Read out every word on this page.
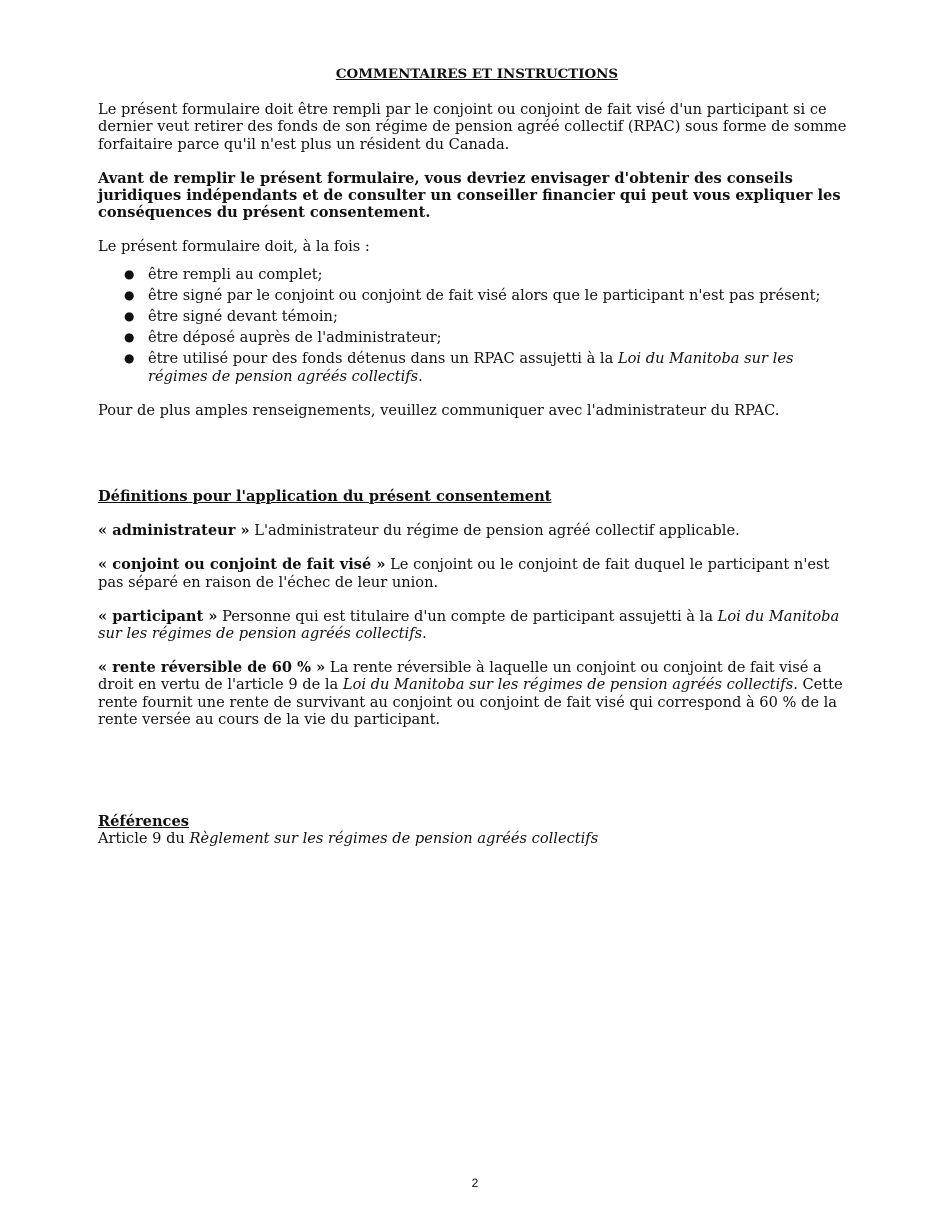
COMMENTAIRES ET INSTRUCTIONS

Le présent formulaire doit être rempli par le conjoint ou conjoint de fait visé d'un participant si ce dernier veut retirer des fonds de son régime de pension agréé collectif (RPAC) sous forme de somme forfaitaire parce qu'il n'est plus un résident du Canada.

Avant de remplir le présent formulaire, vous devriez envisager d'obtenir des conseils juridiques indépendants et de consulter un conseiller financier qui peut vous expliquer les conséquences du présent consentement.

Le présent formulaire doit, à la fois :

● être rempli au complet;
● être signé par le conjoint ou conjoint de fait visé alors que le participant n'est pas présent;
● être signé devant témoin;
● être déposé auprès de l'administrateur;
● être utilisé pour des fonds détenus dans un RPAC assujetti à la Loi du Manitoba sur les régimes de pension agréés collectifs.

Pour de plus amples renseignements, veuillez communiquer avec l'administrateur du RPAC.

Définitions pour l'application du présent consentement

« administrateur » L'administrateur du régime de pension agréé collectif applicable.

« conjoint ou conjoint de fait visé » Le conjoint ou le conjoint de fait duquel le participant n'est pas séparé en raison de l'échec de leur union.

« participant » Personne qui est titulaire d'un compte de participant assujetti à la Loi du Manitoba sur les régimes de pension agréés collectifs.

« rente réversible de 60 % » La rente réversible à laquelle un conjoint ou conjoint de fait visé a droit en vertu de l'article 9 de la Loi du Manitoba sur les régimes de pension agréés collectifs. Cette rente fournit une rente de survivant au conjoint ou conjoint de fait visé qui correspond à 60 % de la rente versée au cours de la vie du participant.

Références
Article 9 du Règlement sur les régimes de pension agréés collectifs
2
